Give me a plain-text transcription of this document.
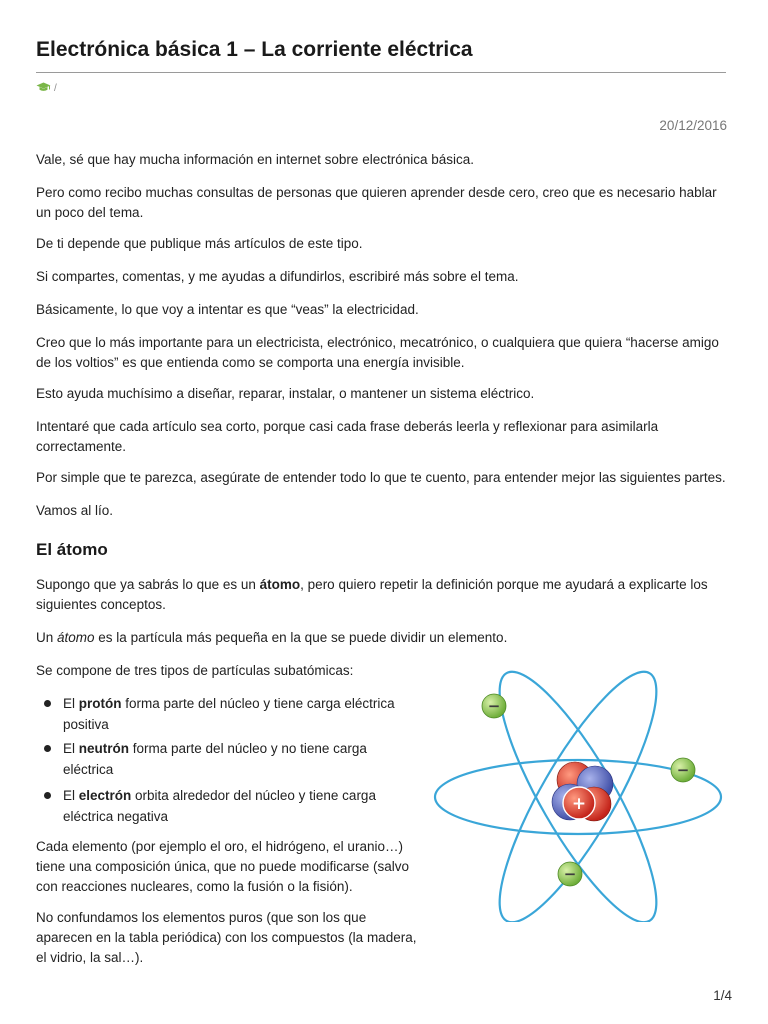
Electrónica básica 1 – La corriente eléctrica
/
20/12/2016

Vale, sé que hay mucha información en internet sobre electrónica básica.

Pero como recibo muchas consultas de personas que quieren aprender desde cero, creo que es necesario hablar un poco del tema.

De ti depende que publique más artículos de este tipo.

Si compartes, comentas, y me ayudas a difundirlos, escribiré más sobre el tema.

Básicamente, lo que voy a intentar es que “veas” la electricidad.

Creo que lo más importante para un electricista, electrónico, mecatrónico, o cualquiera que quiera “hacerse amigo de los voltios” es que entienda como se comporta una energía invisible.

Esto ayuda muchísimo a diseñar, reparar, instalar, o mantener un sistema eléctrico.

Intentaré que cada artículo sea corto, porque casi cada frase deberás leerla y reflexionar para asimilarla correctamente.

Por simple que te parezca, asegúrate de entender todo lo que te cuento, para entender mejor las siguientes partes.

Vamos al lío.

El átomo

Supongo que ya sabrás lo que es un átomo, pero quiero repetir la definición porque me ayudará a explicarte los siguientes conceptos.

Un átomo es la partícula más pequeña en la que se puede dividir un elemento.

Se compone de tres tipos de partículas subatómicas:

El protón forma parte del núcleo y tiene carga eléctrica positiva

El neutrón forma parte del núcleo y no tiene carga eléctrica

El electrón orbita alrededor del núcleo y tiene carga eléctrica negativa

Cada elemento (por ejemplo el oro, el hidrógeno, el uranio…) tiene una composición única, que no puede modificarse (salvo con reacciones nucleares, como la fusión o la fisión).

No confundamos los elementos puros (que son los que aparecen en la tabla periódica) con los compuestos (la madera, el vidrio, la sal…).

−
−
−
+
1/4
